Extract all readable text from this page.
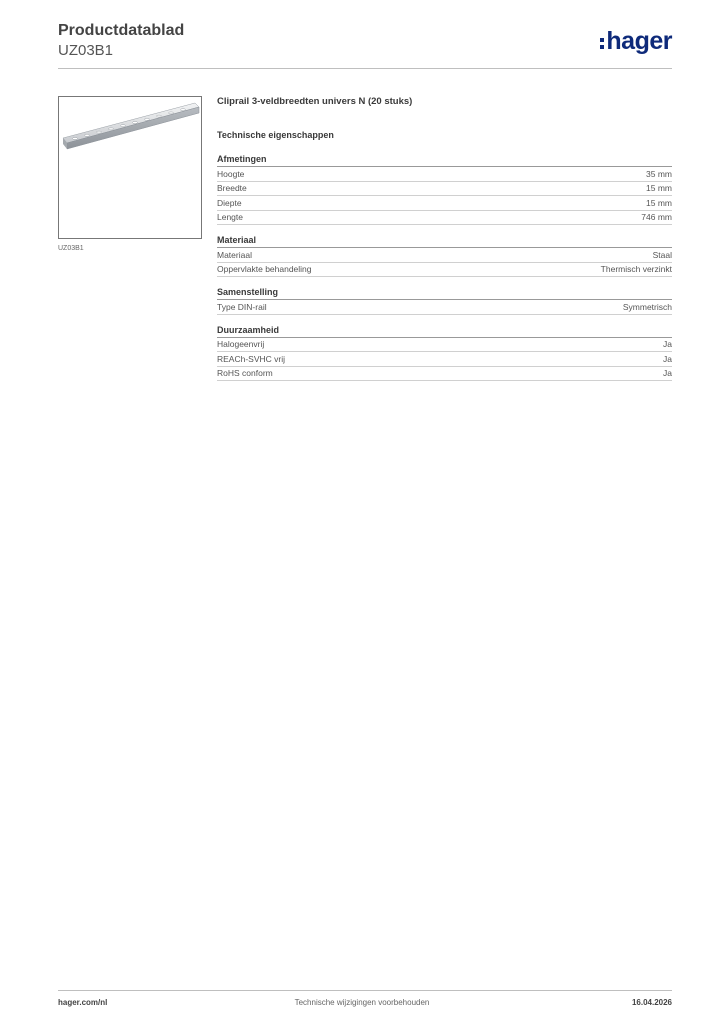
Productdatablad
UZ03B1	hager
UZ03B1
Cliprail 3-veldbreedten univers N (20 stuks)
Technische eigenschappen
Afmetingen
Hoogte	35 mm
Breedte	15 mm
Diepte	15 mm
Lengte	746 mm
Materiaal
Materiaal	Staal
Oppervlakte behandeling	Thermisch verzinkt
Samenstelling
Type DIN-rail	Symmetrisch
Duurzaamheid
Halogeenvrij	Ja
REACh-SVHC vrij	Ja
RoHS conform	Ja
hager.com/nl	Technische wijzigingen voorbehouden	16.04.2026
